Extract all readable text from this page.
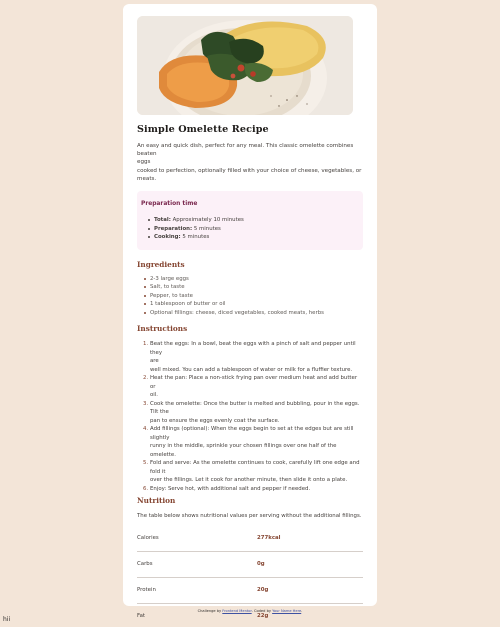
Simple Omelette Recipe

An easy and quick dish, perfect for any meal. This classic omelette combines beaten
eggs
cooked to perfection, optionally filled with your choice of cheese, vegetables, or
meats.

Preparation time
Total: Approximately 10 minutes
Preparation: 5 minutes
Cooking: 5 minutes
Ingredients
2-3 large eggs
Salt, to taste
Pepper, to taste
1 tablespoon of butter or oil
Optional fillings: cheese, diced vegetables, cooked meats, herbs
Instructions
1. Beat the eggs: In a bowl, beat the eggs with a pinch of salt and pepper until they
are
well mixed. You can add a tablespoon of water or milk for a fluffier texture.
2. Heat the pan: Place a non-stick frying pan over medium heat and add butter or
oil.
3. Cook the omelette: Once the butter is melted and bubbling, pour in the eggs.
Tilt the
pan to ensure the eggs evenly coat the surface.
4. Add fillings (optional): When the eggs begin to set at the edges but are still
slightly
runny in the middle, sprinkle your chosen fillings over one half of the omelette.
5. Fold and serve: As the omelette continues to cook, carefully lift one edge and
fold it
over the fillings. Let it cook for another minute, then slide it onto a plate.
6. Enjoy: Serve hot, with additional salt and pepper if needed.
Nutrition

The table below shows nutritional values per serving without the additional fillings.

Calories	277kcal
Carbs	0g
Protein	20g
Fat	22g
Challenge by Frontend Mentor. Coded by Your Name Here.
hii
